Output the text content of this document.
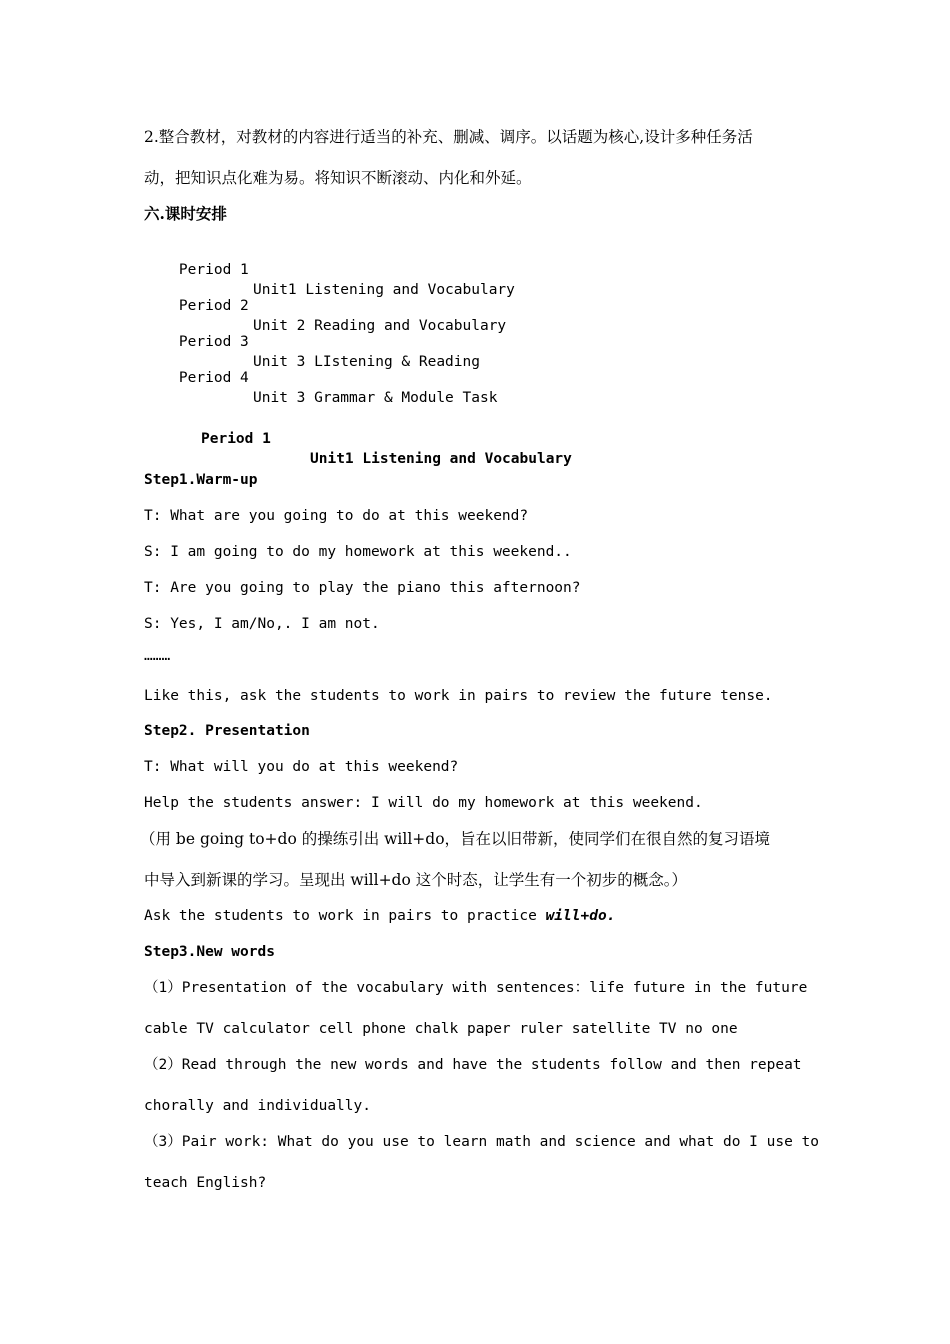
2.整合教材，对教材的内容进行适当的补充、删减、调序。以话题为核心,设计多种任务活
动，把知识点化难为易。将知识不断滚动、内化和外延。
六.课时安排

Period 1

Unit1 Listening and Vocabulary

Period 2

Unit 2 Reading and Vocabulary

Period 3

Unit 3 LIstening & Reading

Period 4

Unit 3 Grammar & Module Task

Period 1

Unit1 Listening and Vocabulary

Step1.Warm-up
T: What are you going to do at this weekend?
S: I am going to do my homework at this weekend..
T: Are you going to play the piano this afternoon?
S: Yes, I am/No,. I am not.
………
Like this, ask the students to work in pairs to review the future tense.
Step2. Presentation
T: What will you do at this weekend?
Help the students answer: I will do my homework at this weekend.
（用 be going to+do 的操练引出 will+do，旨在以旧带新，使同学们在很自然的复习语境
中导入到新课的学习。呈现出 will+do 这个时态，让学生有一个初步的概念。）
Ask the students to work in pairs to practice will+do.
Step3.New words
（1）Presentation of the vocabulary with sentences：life future in the future
cable TV calculator cell phone chalk paper ruler satellite TV no one
（2）Read through the new words and have the students follow and then repeat
chorally and individually.
（3）Pair work: What do you use to learn math and science and what do I use to
teach English?
